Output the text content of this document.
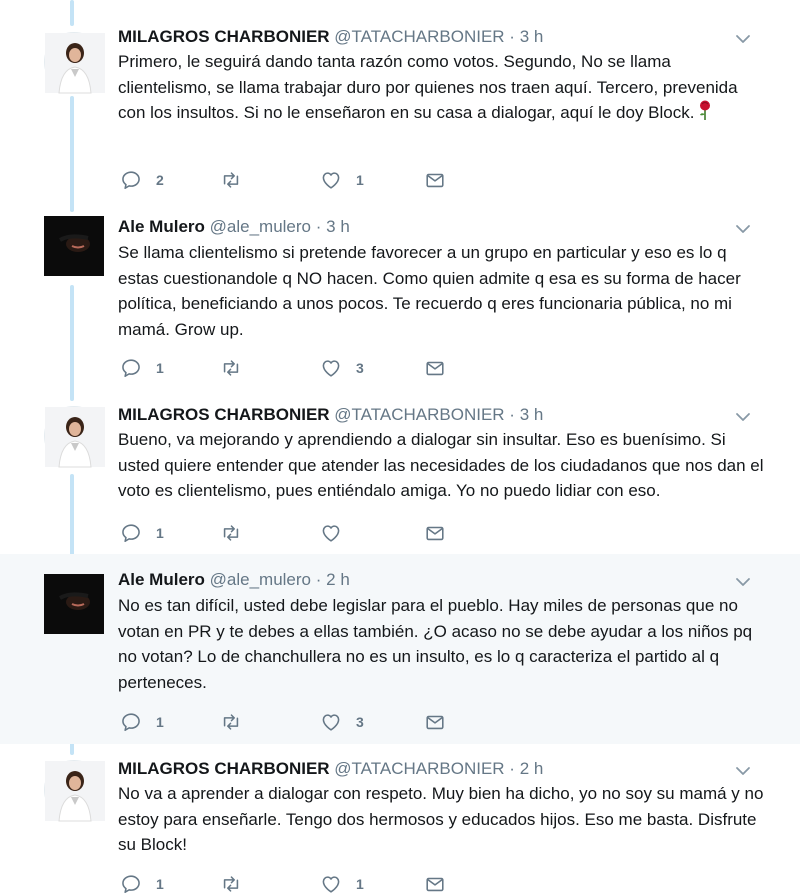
MILAGROS CHARBONIER @TATACHARBONIER · 3 h
Primero, le seguirá dando tanta razón como votos. Segundo, No se llama clientelismo, se llama trabajar duro por quienes nos traen aquí. Tercero, prevenida con los insultos. Si no le enseñaron en su casa a dialogar, aquí le doy Block.
2	1
Ale Mulero @ale_mulero · 3 h
Se llama clientelismo si pretende favorecer a un grupo en particular y eso es lo q estas cuestionandole q NO hacen. Como quien admite q esa es su forma de hacer política, beneficiando a unos pocos. Te recuerdo q eres funcionaria pública, no mi mamá. Grow up.
1	3
MILAGROS CHARBONIER @TATACHARBONIER · 3 h
Bueno, va mejorando y aprendiendo a dialogar sin insultar. Eso es buenísimo. Si usted quiere entender que atender las necesidades de los ciudadanos que nos dan el voto es clientelismo, pues entiéndalo amiga. Yo no puedo lidiar con eso.
1
Ale Mulero @ale_mulero · 2 h
No es tan difícil, usted debe legislar para el pueblo. Hay miles de personas que no votan en PR y te debes a ellas también. ¿O acaso no se debe ayudar a los niños pq no votan? Lo de chanchullera no es un insulto, es lo q caracteriza el partido al q perteneces.
1	3
MILAGROS CHARBONIER @TATACHARBONIER · 2 h
No va a aprender a dialogar con respeto. Muy bien ha dicho, yo no soy su mamá y no estoy para enseñarle. Tengo dos hermosos y educados hijos. Eso me basta. Disfrute su Block!
1	1
